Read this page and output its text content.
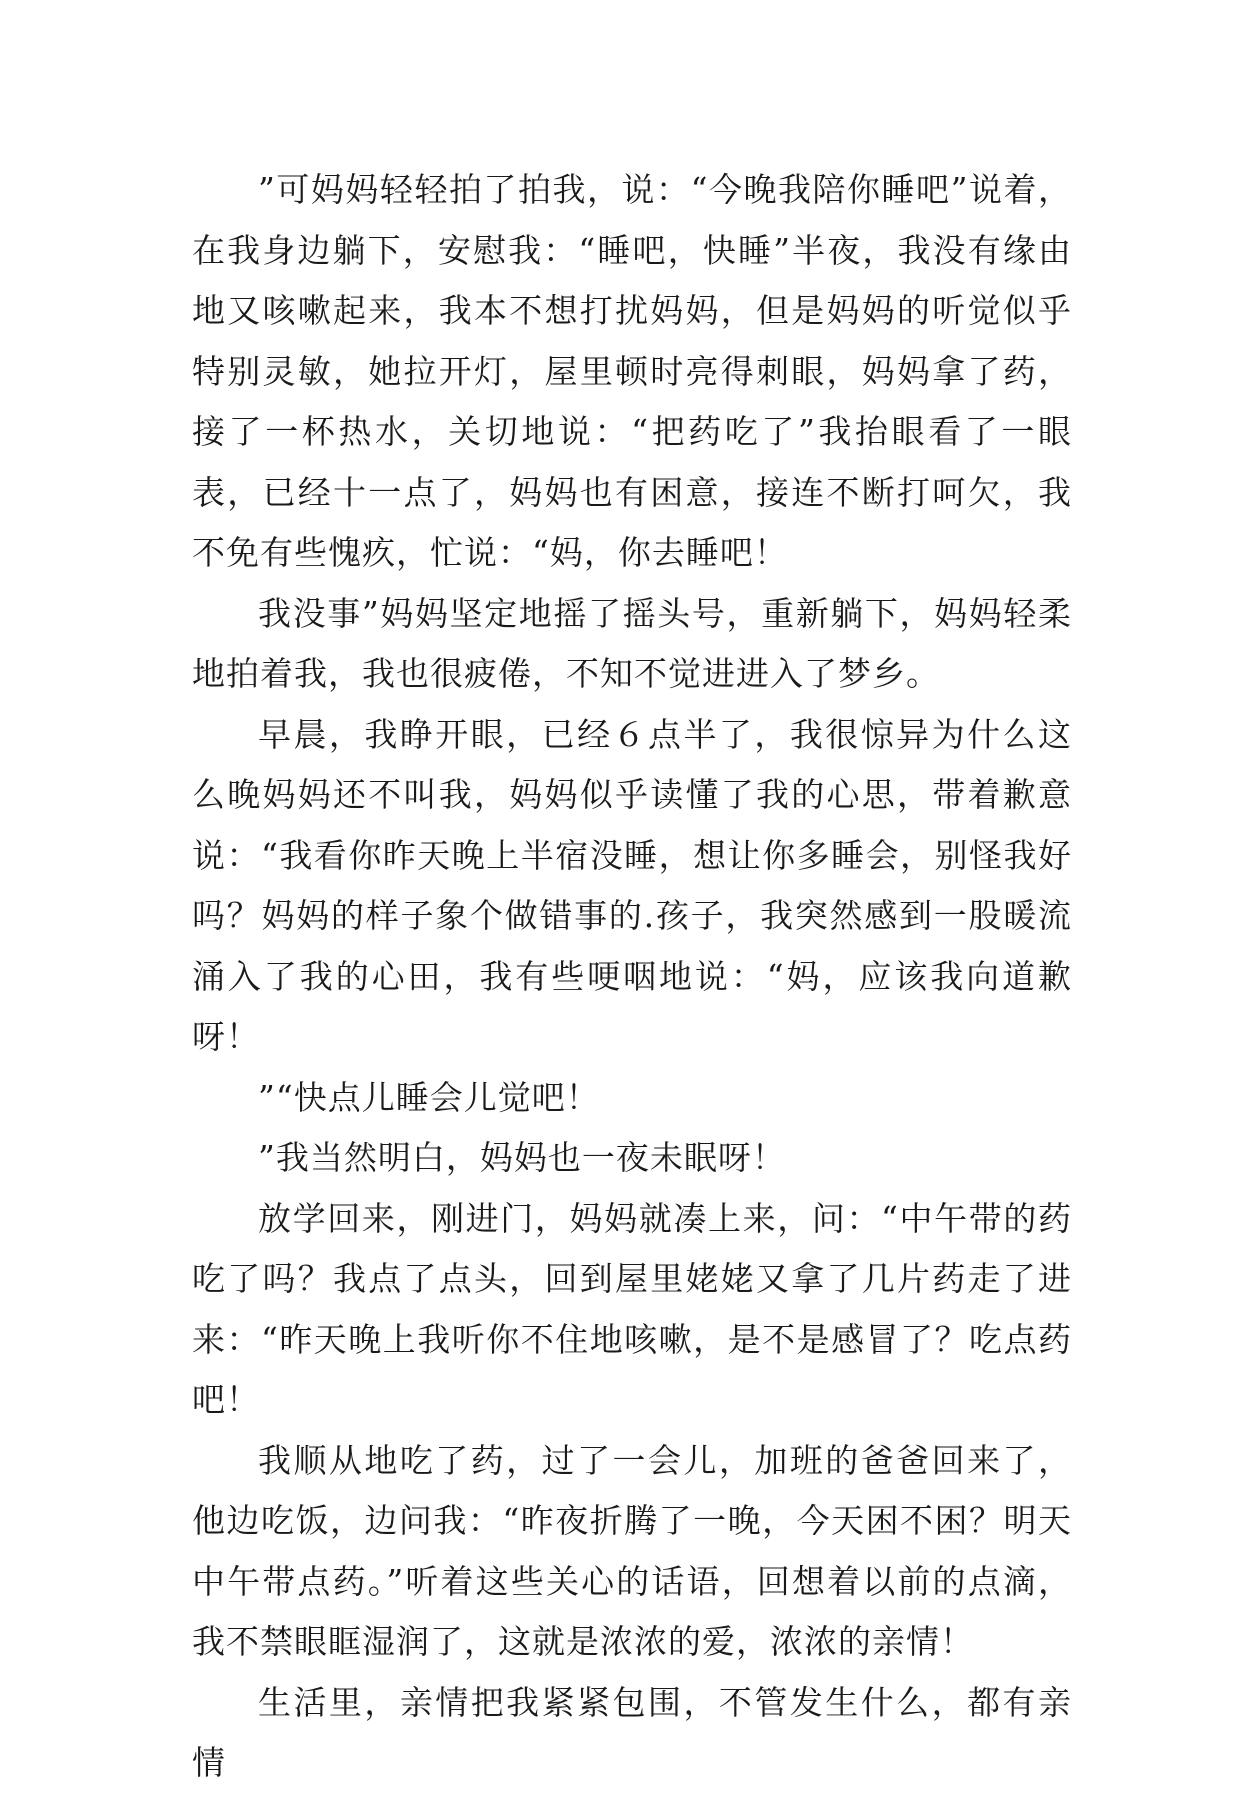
”可妈妈轻轻拍了拍我，说：“今晚我陪你睡吧”说着，在我身边躺下，安慰我：“睡吧，快睡”半夜，我没有缘由地又咳嗽起来，我本不想打扰妈妈，但是妈妈的听觉似乎特别灵敏，她拉开灯，屋里顿时亮得刺眼，妈妈拿了药，接了一杯热水，关切地说：“把药吃了”我抬眼看了一眼表，已经十一点了，妈妈也有困意，接连不断打呵欠，我不免有些愧疚，忙说：“妈，你去睡吧！

我没事”妈妈坚定地摇了摇头号，重新躺下，妈妈轻柔地拍着我，我也很疲倦，不知不觉进进入了梦乡。

早晨，我睁开眼，已经６点半了，我很惊异为什么这么晚妈妈还不叫我，妈妈似乎读懂了我的心思，带着歉意说：“我看你昨天晚上半宿没睡，想让你多睡会，别怪我好吗？妈妈的样子象个做错事的.孩子，我突然感到一股暖流涌入了我的心田，我有些哽咽地说：“妈，应该我向道歉呀！

”“快点儿睡会儿觉吧！

”我当然明白，妈妈也一夜未眠呀！

放学回来，刚进门，妈妈就凑上来，问：“中午带的药吃了吗？我点了点头，回到屋里姥姥又拿了几片药走了进来：“昨天晚上我听你不住地咳嗽，是不是感冒了？吃点药吧！

我顺从地吃了药，过了一会儿，加班的爸爸回来了，他边吃饭，边问我：“昨夜折腾了一晚，今天困不困？明天中午带点药。”听着这些关心的话语，回想着以前的点滴，我不禁眼眶湿润了，这就是浓浓的爱，浓浓的亲情！

生活里，亲情把我紧紧包围，不管发生什么，都有亲情
